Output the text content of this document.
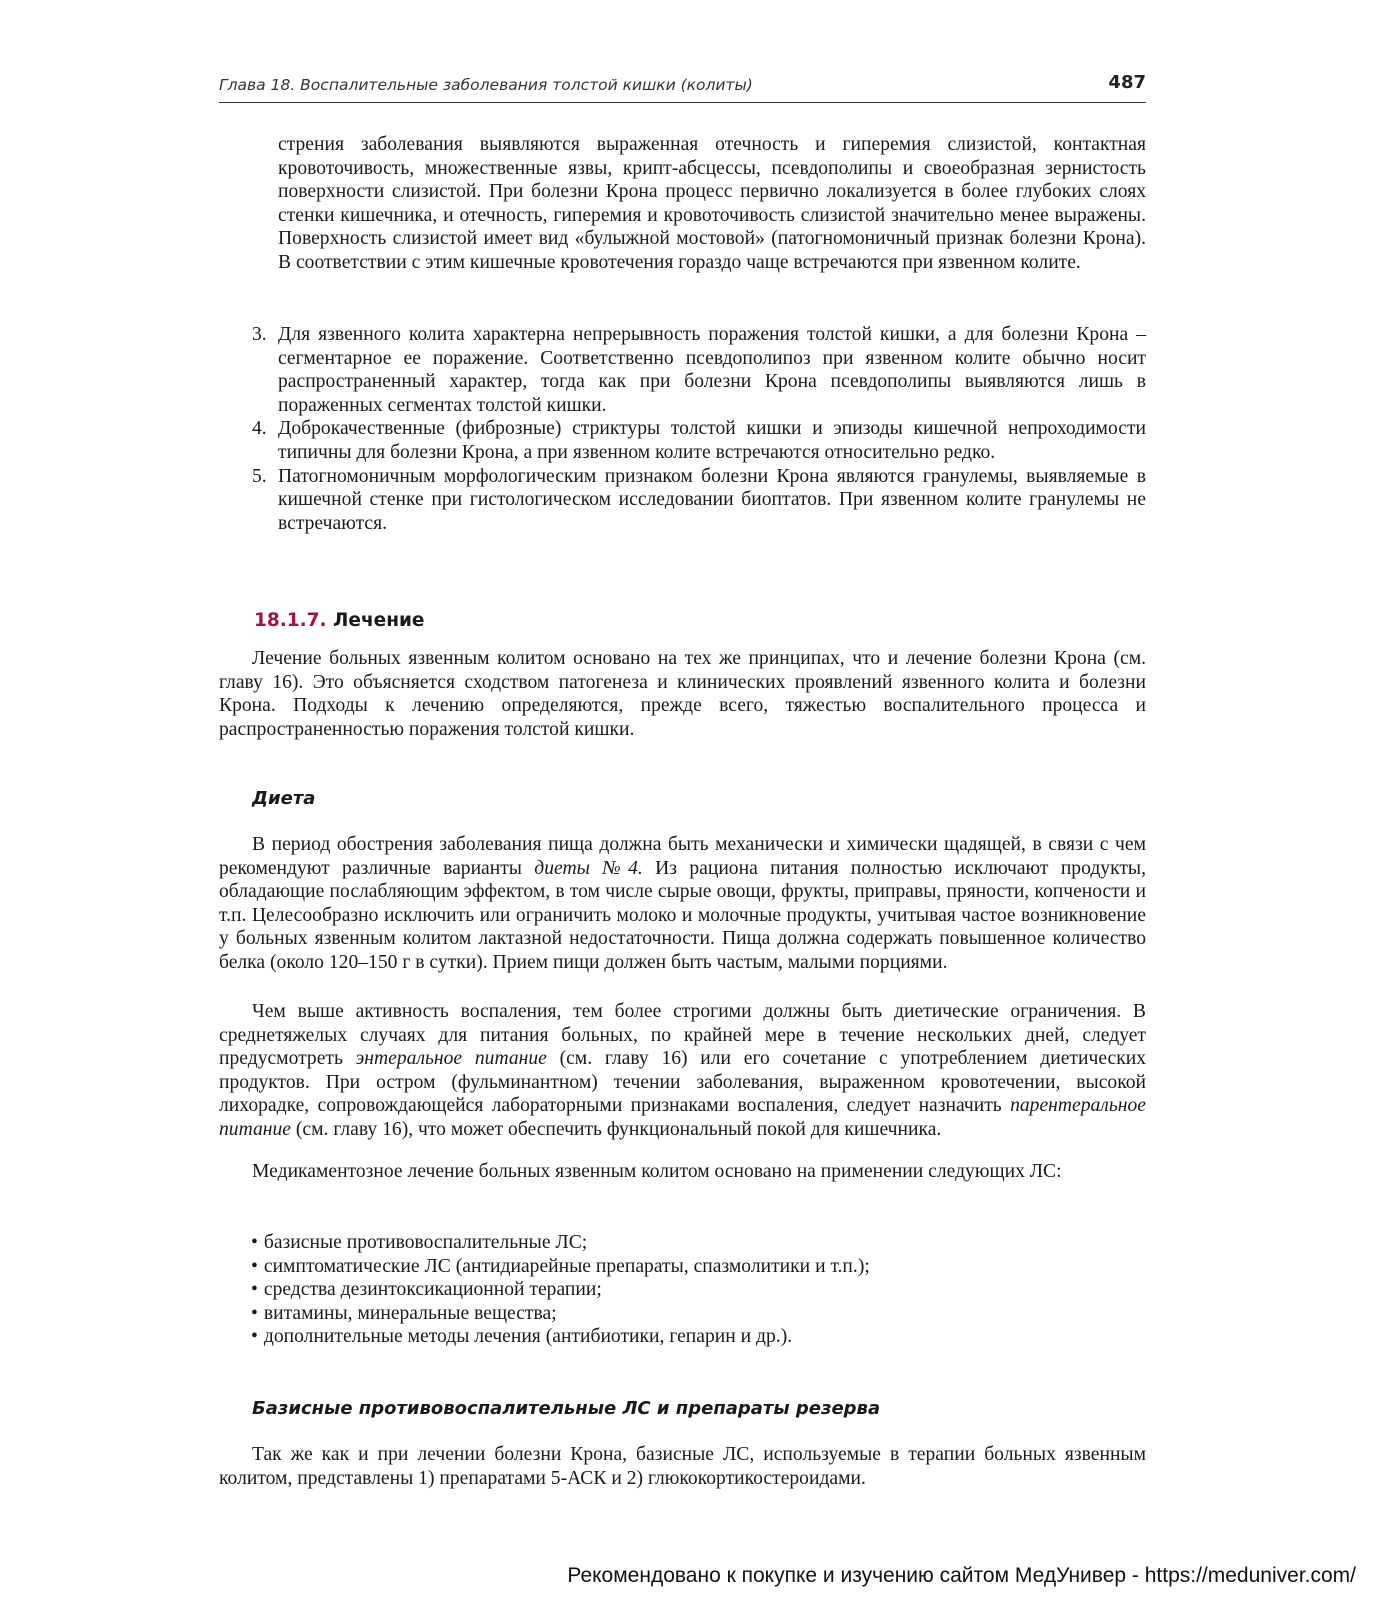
Глава 18. Воспалительные заболевания толстой кишки (колиты)	487

стрения заболевания выявляются выраженная отечность и гиперемия слизистой, контактная кровоточивость, множественные язвы, крипт-абсцессы, псевдополипы и своеобразная зернистость поверхности слизистой. При болезни Крона процесс первично локализуется в более глубоких слоях стенки кишечника, и отечность, гиперемия и кровоточивость слизистой значительно менее выражены. Поверхность слизистой имеет вид «булыжной мостовой» (патогномоничный признак болезни Крона). В соответствии с этим кишечные кровотечения гораздо чаще встречаются при язвенном колите.

3. Для язвенного колита характерна непрерывность поражения толстой кишки, а для болезни Крона – сегментарное ее поражение. Соответственно псевдополипоз при язвенном колите обычно носит распространенный характер, тогда как при болезни Крона псевдополипы выявляются лишь в пораженных сегментах толстой кишки.
4. Доброкачественные (фиброзные) стриктуры толстой кишки и эпизоды кишечной непроходимости типичны для болезни Крона, а при язвенном колите встречаются относительно редко.
5. Патогномоничным морфологическим признаком болезни Крона являются гранулемы, выявляемые в кишечной стенке при гистологическом исследовании биоптатов. При язвенном колите гранулемы не встречаются.
18.1.7. Лечение

Лечение больных язвенным колитом основано на тех же принципах, что и лечение болезни Крона (см. главу 16). Это объясняется сходством патогенеза и клинических проявлений язвенного колита и болезни Крона. Подходы к лечению определяются, прежде всего, тяжестью воспалительного процесса и распространенностью поражения толстой кишки.

Диета

В период обострения заболевания пища должна быть механически и химически щадящей, в связи с чем рекомендуют различные варианты диеты №4. Из рациона питания полностью исключают продукты, обладающие послабляющим эффектом, в том числе сырые овощи, фрукты, приправы, пряности, копчености и т.п. Целесообразно исключить или ограничить молоко и молочные продукты, учитывая частое возникновение у больных язвенным колитом лактазной недостаточности. Пища должна содержать повышенное количество белка (около 120–150 г в сутки). Прием пищи должен быть частым, малыми порциями.

Чем выше активность воспаления, тем более строгими должны быть диетические ограничения. В среднетяжелых случаях для питания больных, по крайней мере в течение нескольких дней, следует предусмотреть энтеральное питание (см. главу 16) или его сочетание с употреблением диетических продуктов. При остром (фульминантном) течении заболевания, выраженном кровотечении, высокой лихорадке, сопровождающейся лабораторными признаками воспаления, следует назначить парентеральное питание (см. главу 16), что может обеспечить функциональный покой для кишечника.

Медикаментозное лечение больных язвенным колитом основано на применении следующих ЛС:

• базисные противовоспалительные ЛС;
• симптоматические ЛС (антидиарейные препараты, спазмолитики и т.п.);
• средства дезинтоксикационной терапии;
• витамины, минеральные вещества;
• дополнительные методы лечения (антибиотики, гепарин и др.).
Базисные противовоспалительные ЛС и препараты резерва

Так же как и при лечении болезни Крона, базисные ЛС, используемые в терапии больных язвенным колитом, представлены 1) препаратами 5-АСК и 2) глюкокортикостероидами.

Рекомендовано к покупке и изучению сайтом МедУнивер - https://meduniver.com/
